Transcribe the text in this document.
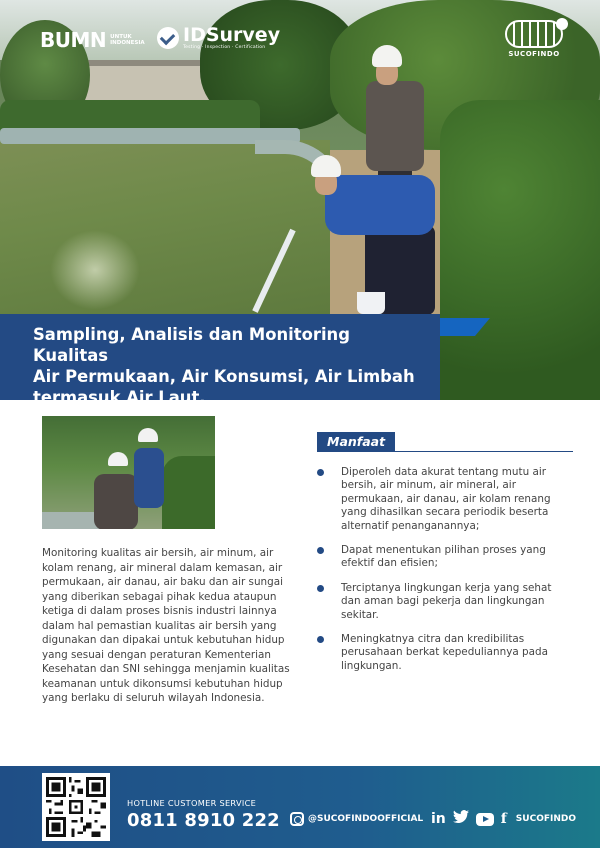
BUMN UNTUK
INDONESIA IDSurvey
Testing · Inspection · Certification
SUCOFINDO
Sampling, Analisis dan Monitoring Kualitas
Air Permukaan, Air Konsumsi, Air Limbah
termasuk Air Laut.

Monitoring kualitas air bersih, air minum, air kolam renang, air mineral dalam kemasan, air permukaan, air danau, air baku dan air sungai yang diberikan sebagai pihak kedua ataupun ketiga di dalam proses bisnis industri lainnya dalam hal pemastian kualitas air bersih yang digunakan dan dipakai untuk kebutuhan hidup yang sesuai dengan peraturan Kementerian Kesehatan dan SNI sehingga menjamin kualitas keamanan untuk dikonsumsi kebutuhan hidup yang berlaku di seluruh wilayah Indonesia.

Manfaat
Diperoleh data akurat tentang mutu air bersih, air minum, air mineral, air permukaan, air danau, air kolam renang yang dihasilkan secara periodik beserta alternatif penanganannya;
Dapat menentukan pilihan proses yang efektif dan efisien;
Terciptanya lingkungan kerja yang sehat dan aman bagi pekerja dan lingkungan sekitar.
Meningkatnya citra dan kredibilitas perusahaan berkat kepeduliannya pada lingkungan.
HOTLINE CUSTOMER SERVICE
0811 8910 222	@SUCOFINDOOFFICIAL in	f SUCOFINDO
